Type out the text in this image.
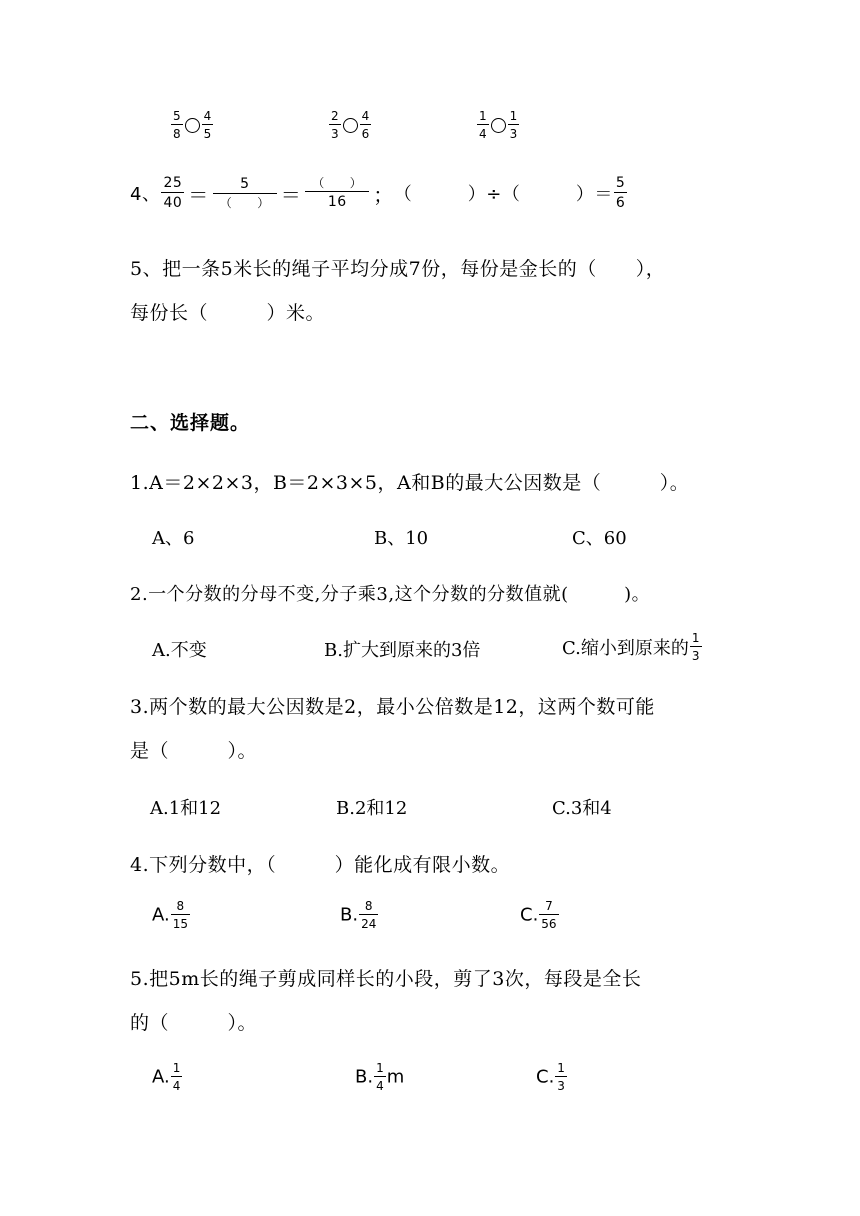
$\frac{5}{8} \frac{4}{5}$	$\frac{2}{3} \frac{4}{6}$	$\frac{1}{4} \frac{1}{3}$
4、 $\frac{25}{40} = \frac{5}{( )} = \frac{( )}{16}$ ； （　　　）÷（　　　）＝ $\frac{5}{6}$
5、把一条5米长的绳子平均分成7份，每份是金长的（　　），
每份长（　　　）米。
二、选择题。
1.A＝2×2×3，B＝2×3×5，A和B的最大公因数是（　　　）。
A、6	B、10	C、60
2.一个分数的分母不变,分子乘3,这个分数的分数值就(　　　)。
A.不变	B.扩大到原来的3倍	C.缩小到原来的 $\frac{1}{3}$
3.两个数的最大公因数是2，最小公倍数是12，这两个数可能
是（　　　）。
A.1和12	B.2和12	C.3和4
4.下列分数中，（　　　）能化成有限小数。
A. $\frac{8}{15}$	B. $\frac{8}{24}$	C. $\frac{7}{56}$
5.把5m长的绳子剪成同样长的小段，剪了3次，每段是全长
的（　　　）。
A. $\frac{1}{4}$	B. $\frac{1}{4}$ m	C. $\frac{1}{3}$
